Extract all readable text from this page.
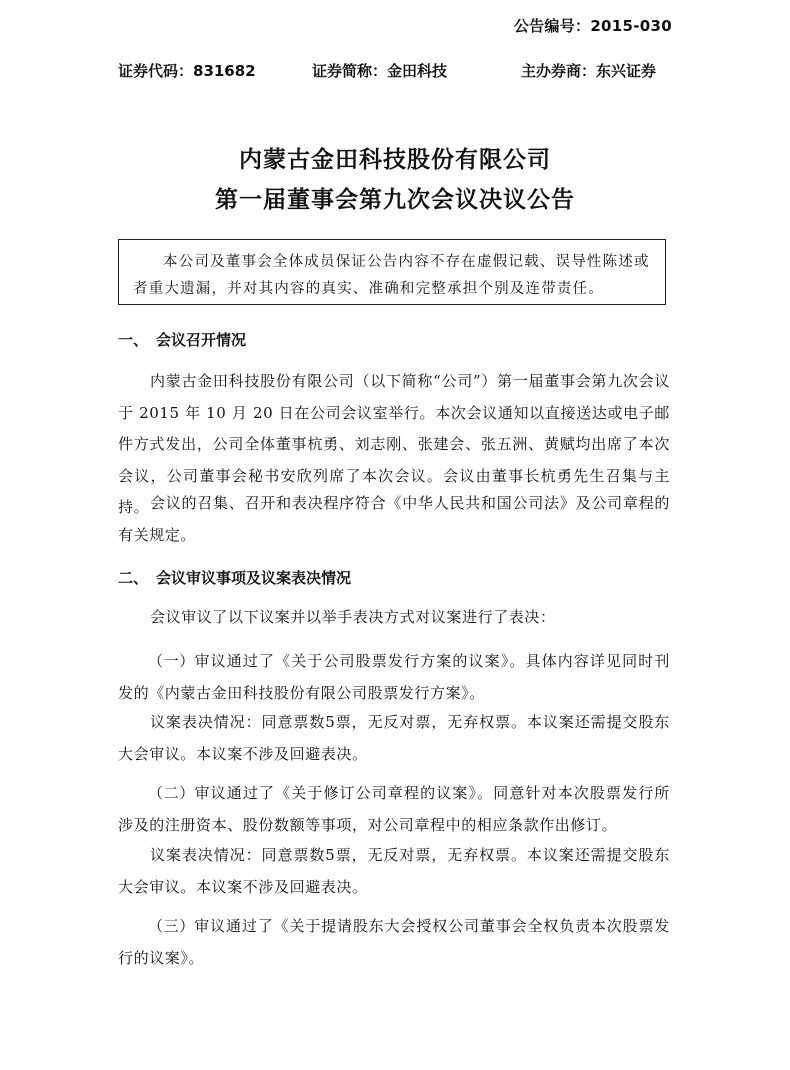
公告编号：2015-030
证券代码：831682	证券简称：金田科技	主办券商：东兴证券
内蒙古金田科技股份有限公司
第一届董事会第九次会议决议公告

本公司及董事会全体成员保证公告内容不存在虚假记载、误导性陈述或者重大遗漏，并对其内容的真实、准确和完整承担个别及连带责任。

一、 会议召开情况

内蒙古金田科技股份有限公司（以下简称“公司”）第一届董事会第九次会议于 2015 年 10 月 20 日在公司会议室举行。本次会议通知以直接送达或电子邮件方式发出，公司全体董事杭勇、刘志刚、张建会、张五洲、黄赋均出席了本次会议，公司董事会秘书安欣列席了本次会议。会议由董事长杭勇先生召集与主持。 会议的召集、召开和表决程序符合《中华人民共和国公司法》及公司章程的有关规定。

二、 会议审议事项及议案表决情况

会议审议了以下议案并以举手表决方式对议案进行了表决：

（一）审议通过了《关于公司股票发行方案的议案》。具体内容详见同时刊发的《内蒙古金田科技股份有限公司股票发行方案》。

议案表决情况：同意票数5票，无反对票，无弃权票。本议案还需提交股东大会审议。本议案不涉及回避表决。

（二）审议通过了《关于修订公司章程的议案》。同意针对本次股票发行所涉及的注册资本、股份数额等事项，对公司章程中的相应条款作出修订。

议案表决情况：同意票数5票，无反对票，无弃权票。本议案还需提交股东大会审议。本议案不涉及回避表决。

（三）审议通过了《关于提请股东大会授权公司董事会全权负责本次股票发行的议案》。
